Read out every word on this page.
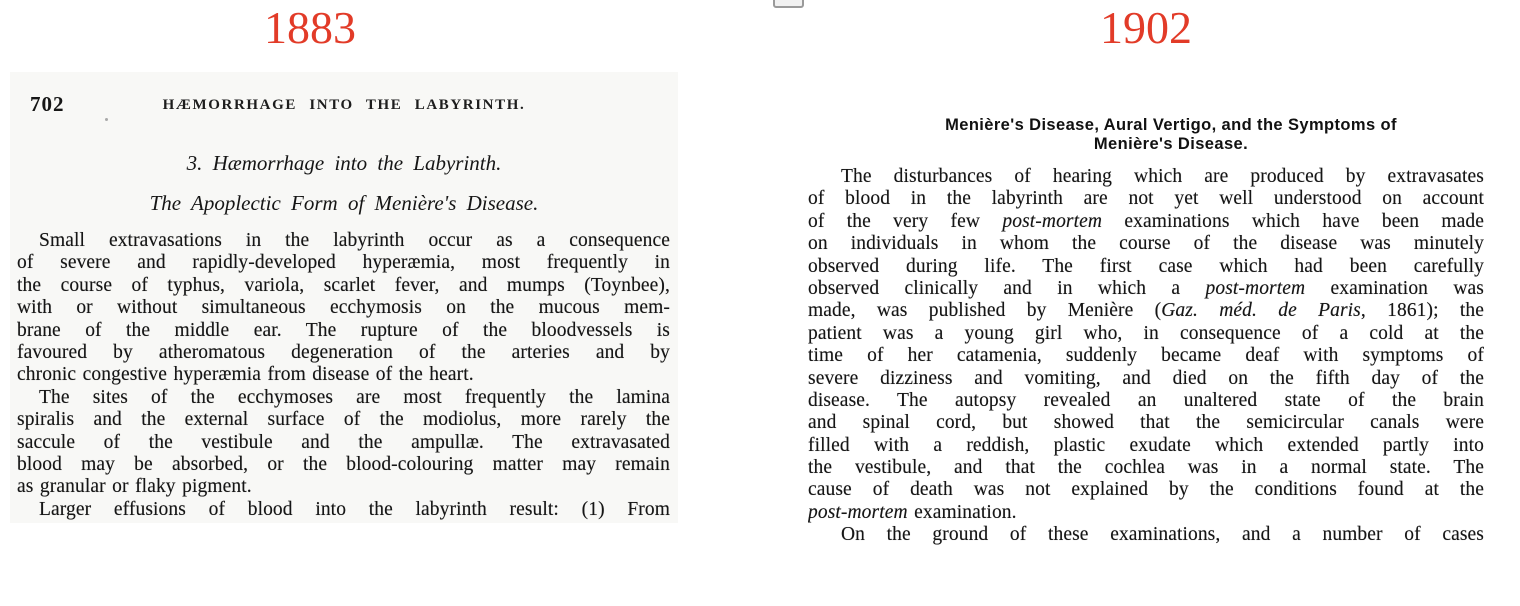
1883	1902
702	HÆMORRHAGE INTO THE LABYRINTH.
3. Hæmorrhage into the Labyrinth.
The Apoplectic Form of Menière's Disease.
Small extravasations in the labyrinth occur as a consequence
of severe and rapidly-developed hyperæmia, most frequently in
the course of typhus, variola, scarlet fever, and mumps (Toynbee),
with or without simultaneous ecchymosis on the mucous mem-
brane of the middle ear. The rupture of the bloodvessels is
favoured by atheromatous degeneration of the arteries and by
chronic congestive hyperæmia from disease of the heart.
The sites of the ecchymoses are most frequently the lamina
spiralis and the external surface of the modiolus, more rarely the
saccule of the vestibule and the ampullæ. The extravasated
blood may be absorbed, or the blood-colouring matter may remain
as granular or flaky pigment.
Larger effusions of blood into the labyrinth result: (1) From
Menière's Disease, Aural Vertigo, and the Symptoms of
Menière's Disease.
The disturbances of hearing which are produced by extravasates
of blood in the labyrinth are not yet well understood on account
of the very few post-mortem examinations which have been made
on individuals in whom the course of the disease was minutely
observed during life. The first case which had been carefully
observed clinically and in which a post-mortem examination was
made, was published by Menière (Gaz. méd. de Paris, 1861); the
patient was a young girl who, in consequence of a cold at the
time of her catamenia, suddenly became deaf with symptoms of
severe dizziness and vomiting, and died on the fifth day of the
disease. The autopsy revealed an unaltered state of the brain
and spinal cord, but showed that the semicircular canals were
filled with a reddish, plastic exudate which extended partly into
the vestibule, and that the cochlea was in a normal state. The
cause of death was not explained by the conditions found at the
post-mortem examination.
On the ground of these examinations, and a number of cases
